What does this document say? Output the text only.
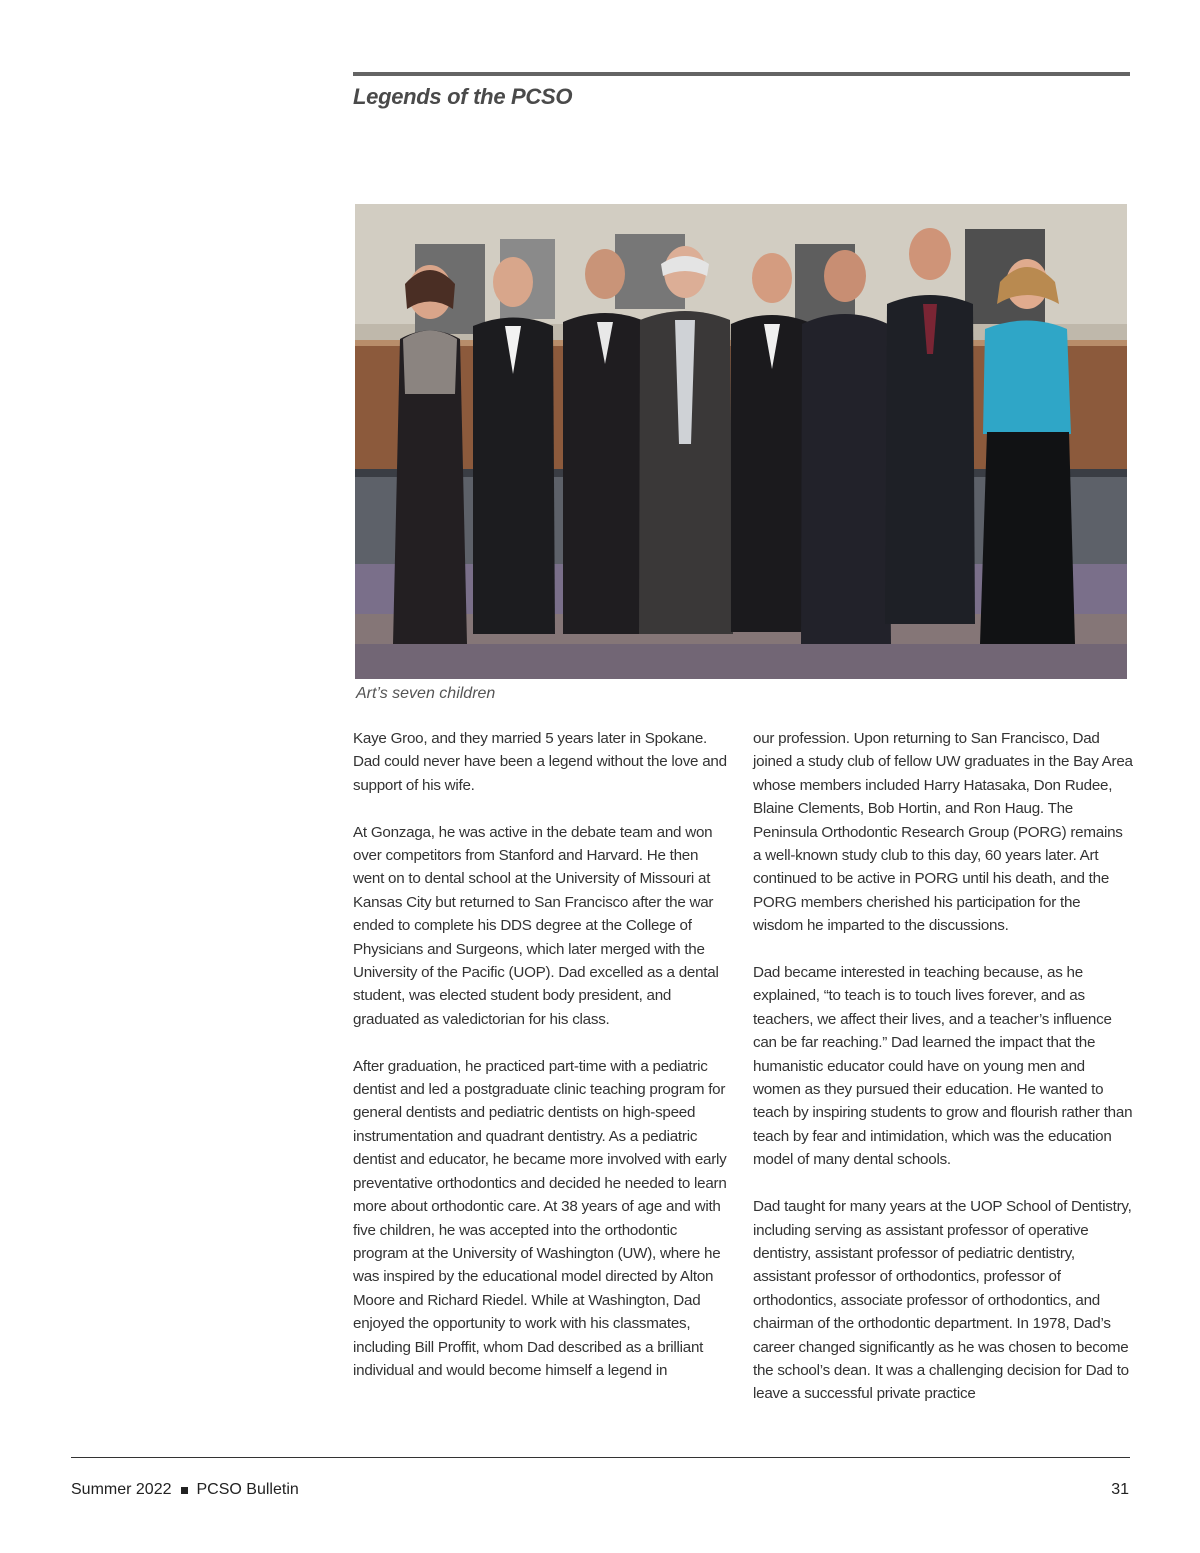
Legends of the PCSO

Art’s seven children

Kaye Groo, and they married 5 years later in Spokane. Dad could never have been a legend without the love and support of his wife.

At Gonzaga, he was active in the debate team and won over competitors from Stanford and Harvard. He then went on to dental school at the University of Missouri at Kansas City but returned to San Francisco after the war ended to complete his DDS degree at the College of Physicians and Surgeons, which later merged with the University of the Pacific (UOP). Dad excelled as a dental student, was elected student body president, and graduated as valedictorian for his class.

After graduation, he practiced part-time with a pediatric dentist and led a postgraduate clinic teaching program for general dentists and pediatric dentists on high-speed instrumentation and quadrant dentistry. As a pediatric dentist and educator, he became more involved with early preventative orthodontics and decided he needed to learn more about orthodontic care. At 38 years of age and with five children, he was accepted into the orthodontic program at the University of Washington (UW), where he was inspired by the educational model directed by Alton Moore and Richard Riedel. While at Washington, Dad enjoyed the opportunity to work with his classmates, including Bill Proffit, whom Dad described as a brilliant individual and would become himself a legend in

our profession. Upon returning to San Francisco, Dad joined a study club of fellow UW graduates in the Bay Area whose members included Harry Hatasaka, Don Rudee, Blaine Clements, Bob Hortin, and Ron Haug. The Peninsula Orthodontic Research Group (PORG) remains a well-known study club to this day, 60 years later. Art continued to be active in PORG until his death, and the PORG members cherished his participation for the wisdom he imparted to the discussions.

Dad became interested in teaching because, as he explained, “to teach is to touch lives forever, and as teachers, we affect their lives, and a teacher’s influence can be far reaching.” Dad learned the impact that the humanistic educator could have on young men and women as they pursued their education. He wanted to teach by inspiring students to grow and flourish rather than teach by fear and intimidation, which was the education model of many dental schools.

Dad taught for many years at the UOP School of Dentistry, including serving as assistant professor of operative dentistry, assistant professor of pediatric dentistry, assistant professor of orthodontics, professor of orthodontics, associate professor of orthodontics, and chairman of the orthodontic department. In 1978, Dad’s career changed significantly as he was chosen to become the school’s dean. It was a challenging decision for Dad to leave a successful private practice

Summer 2022 PCSO Bulletin	31
